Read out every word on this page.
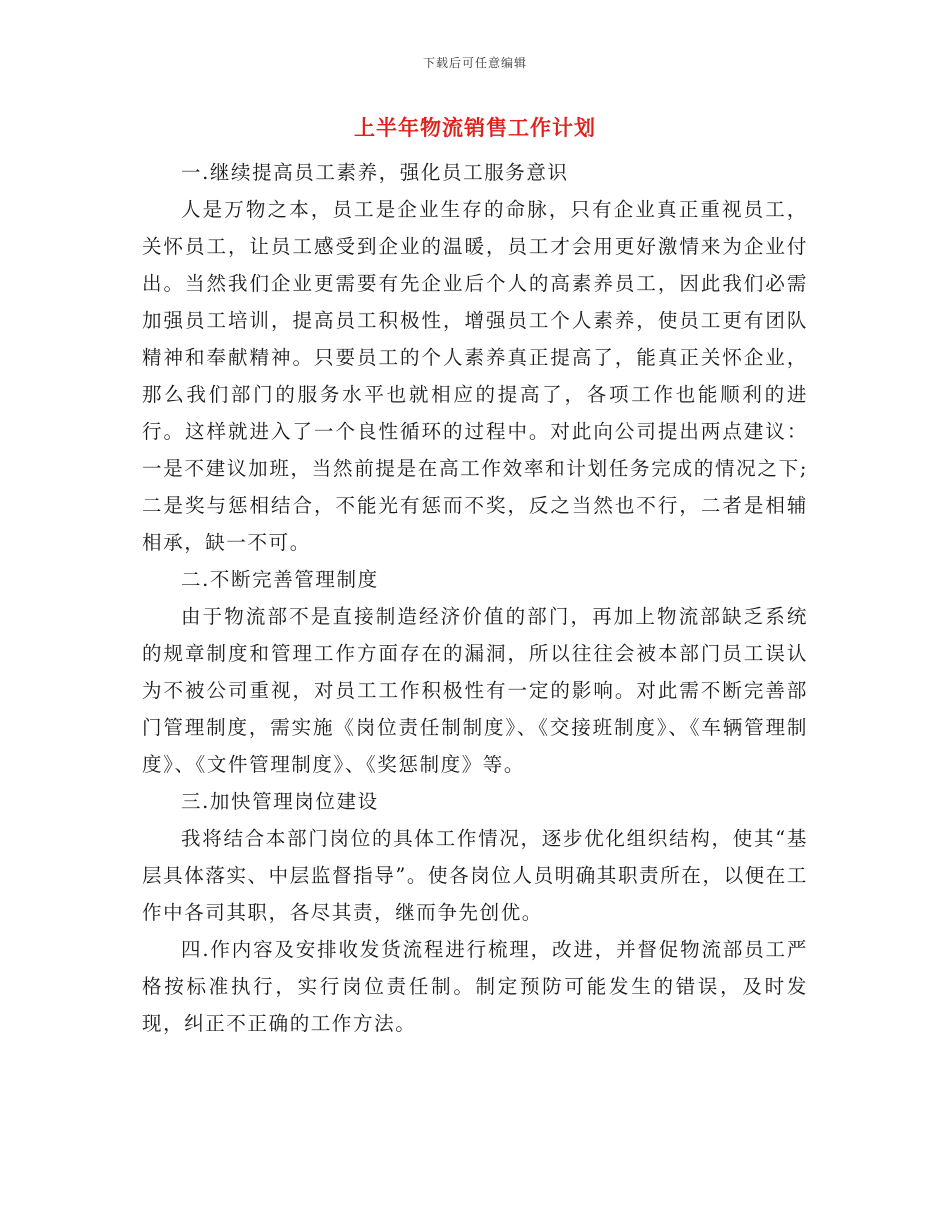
下载后可任意编辑
上半年物流销售工作计划

一.继续提高员工素养，强化员工服务意识

人是万物之本，员工是企业生存的命脉，只有企业真正重视员工，关怀员工，让员工感受到企业的温暖，员工才会用更好激情来为企业付出。当然我们企业更需要有先企业后个人的高素养员工，因此我们必需加强员工培训，提高员工积极性，增强员工个人素养，使员工更有团队精神和奉献精神。只要员工的个人素养真正提高了，能真正关怀企业，那么我们部门的服务水平也就相应的提高了，各项工作也能顺利的进行。这样就进入了一个良性循环的过程中。对此向公司提出两点建议：一是不建议加班，当然前提是在高工作效率和计划任务完成的情况之下;二是奖与惩相结合，不能光有惩而不奖，反之当然也不行，二者是相辅相承，缺一不可。

二.不断完善管理制度

由于物流部不是直接制造经济价值的部门，再加上物流部缺乏系统的规章制度和管理工作方面存在的漏洞，所以往往会被本部门员工误认为不被公司重视，对员工工作积极性有一定的影响。对此需不断完善部门管理制度，需实施《岗位责任制制度》、《交接班制度》、《车辆管理制度》、《文件管理制度》、《奖惩制度》等。

三.加快管理岗位建设

我将结合本部门岗位的具体工作情况，逐步优化组织结构，使其“基层具体落实、中层监督指导”。使各岗位人员明确其职责所在，以便在工作中各司其职，各尽其责，继而争先创优。

四.作内容及安排收发货流程进行梳理，改进，并督促物流部员工严格按标准执行，实行岗位责任制。制定预防可能发生的错误，及时发现，纠正不正确的工作方法。
